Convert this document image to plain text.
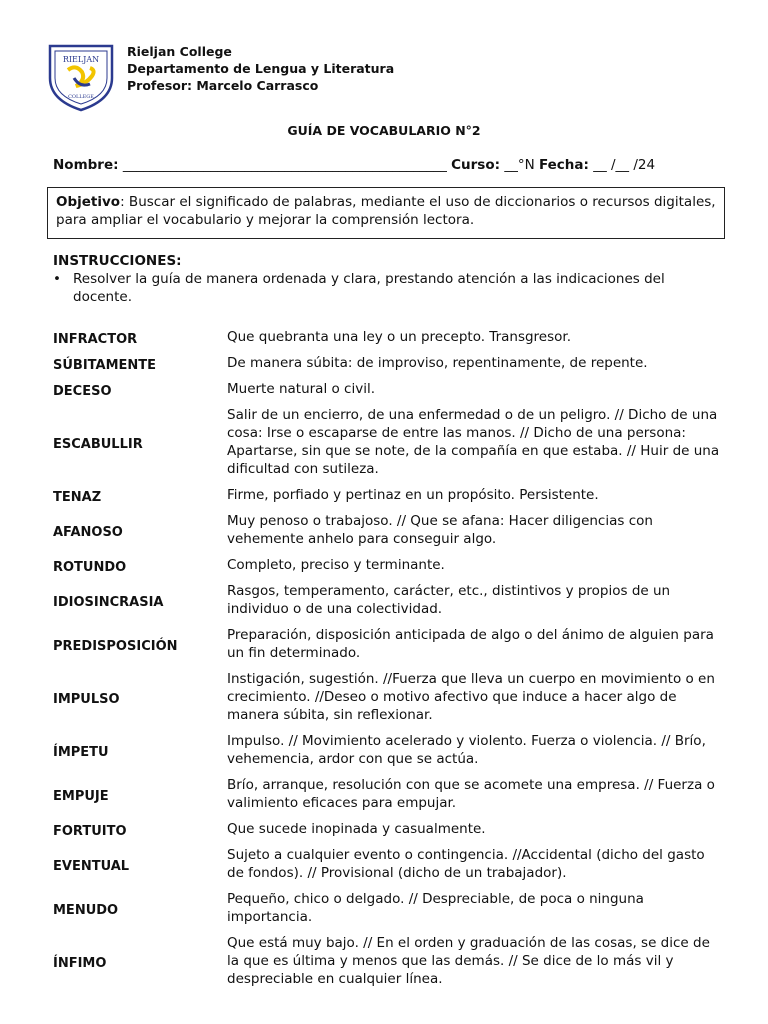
RIELJAN
COLLEGE
Rieljan College
Departamento de Lengua y Literatura
Profesor: Marcelo Carrasco
GUÍA DE VOCABULARIO N°2
Nombre: ________________________________________________ Curso: __°N Fecha: __ /__ /24
Objetivo: Buscar el significado de palabras, mediante el uso de diccionarios o recursos digitales, para ampliar el vocabulario y mejorar la comprensión lectora.
INSTRUCCIONES:
• Resolver la guía de manera ordenada y clara, prestando atención a las indicaciones del docente.
INFRACTOR	Que quebranta una ley o un precepto. Transgresor.
SÚBITAMENTE	De manera súbita: de improviso, repentinamente, de repente.
DECESO	Muerte natural o civil.
ESCABULLIR	Salir de un encierro, de una enfermedad o de un peligro. // Dicho de una cosa: Irse o escaparse de entre las manos. // Dicho de una persona: Apartarse, sin que se note, de la compañía en que estaba. // Huir de una dificultad con sutileza.
TENAZ	Firme, porfiado y pertinaz en un propósito. Persistente.
AFANOSO	Muy penoso o trabajoso. // Que se afana: Hacer diligencias con vehemente anhelo para conseguir algo.
ROTUNDO	Completo, preciso y terminante.
IDIOSINCRASIA	Rasgos, temperamento, carácter, etc., distintivos y propios de un individuo o de una colectividad.
PREDISPOSICIÓN	Preparación, disposición anticipada de algo o del ánimo de alguien para un fin determinado.
IMPULSO	Instigación, sugestión. //Fuerza que lleva un cuerpo en movimiento o en crecimiento. //Deseo o motivo afectivo que induce a hacer algo de manera súbita, sin reflexionar.
ÍMPETU	Impulso. // Movimiento acelerado y violento. Fuerza o violencia. // Brío, vehemencia, ardor con que se actúa.
EMPUJE	Brío, arranque, resolución con que se acomete una empresa. // Fuerza o valimiento eficaces para empujar.
FORTUITO	Que sucede inopinada y casualmente.
EVENTUAL	Sujeto a cualquier evento o contingencia. //Accidental (dicho del gasto de fondos). // Provisional (dicho de un trabajador).
MENUDO	Pequeño, chico o delgado. // Despreciable, de poca o ninguna importancia.
ÍNFIMO	Que está muy bajo. // En el orden y graduación de las cosas, se dice de la que es última y menos que las demás. // Se dice de lo más vil y despreciable en cualquier línea.
